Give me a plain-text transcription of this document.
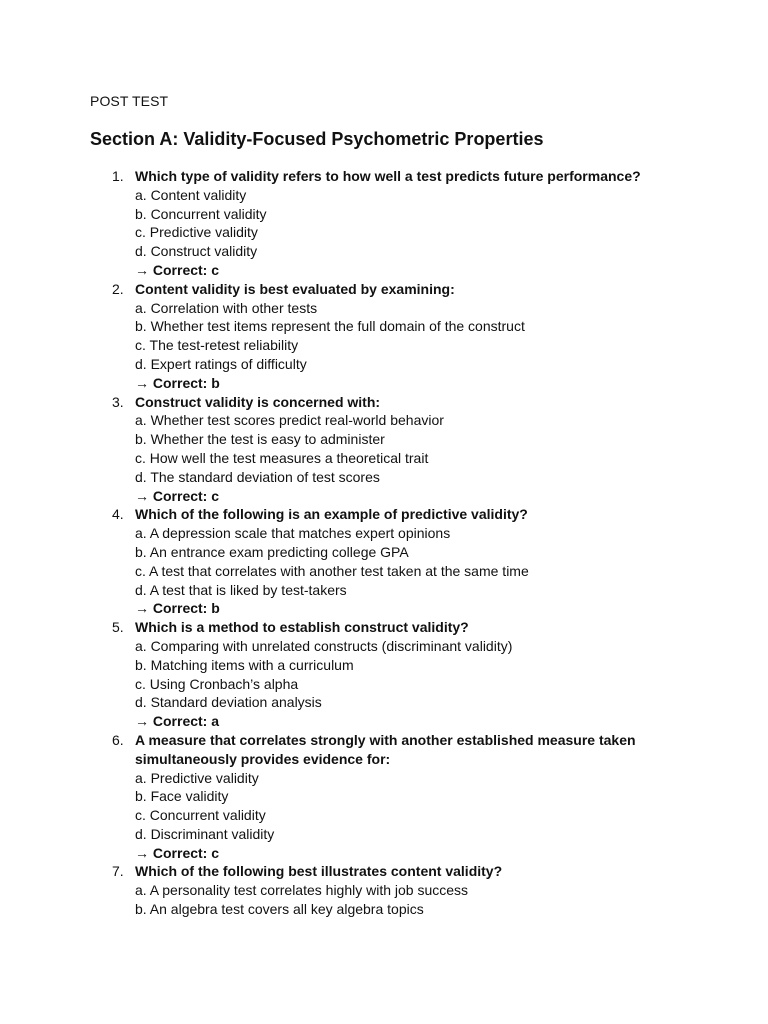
POST TEST
Section A: Validity-Focused Psychometric Properties
1. Which type of validity refers to how well a test predicts future performance?
a. Content validity
b. Concurrent validity
c. Predictive validity
d. Construct validity
→ Correct: c
2. Content validity is best evaluated by examining:
a. Correlation with other tests
b. Whether test items represent the full domain of the construct
c. The test-retest reliability
d. Expert ratings of difficulty
→ Correct: b
3. Construct validity is concerned with:
a. Whether test scores predict real-world behavior
b. Whether the test is easy to administer
c. How well the test measures a theoretical trait
d. The standard deviation of test scores
→ Correct: c
4. Which of the following is an example of predictive validity?
a. A depression scale that matches expert opinions
b. An entrance exam predicting college GPA
c. A test that correlates with another test taken at the same time
d. A test that is liked by test-takers
→ Correct: b
5. Which is a method to establish construct validity?
a. Comparing with unrelated constructs (discriminant validity)
b. Matching items with a curriculum
c. Using Cronbach’s alpha
d. Standard deviation analysis
→ Correct: a
6. A measure that correlates strongly with another established measure taken simultaneously provides evidence for:
a. Predictive validity
b. Face validity
c. Concurrent validity
d. Discriminant validity
→ Correct: c
7. Which of the following best illustrates content validity?
a. A personality test correlates highly with job success
b. An algebra test covers all key algebra topics
